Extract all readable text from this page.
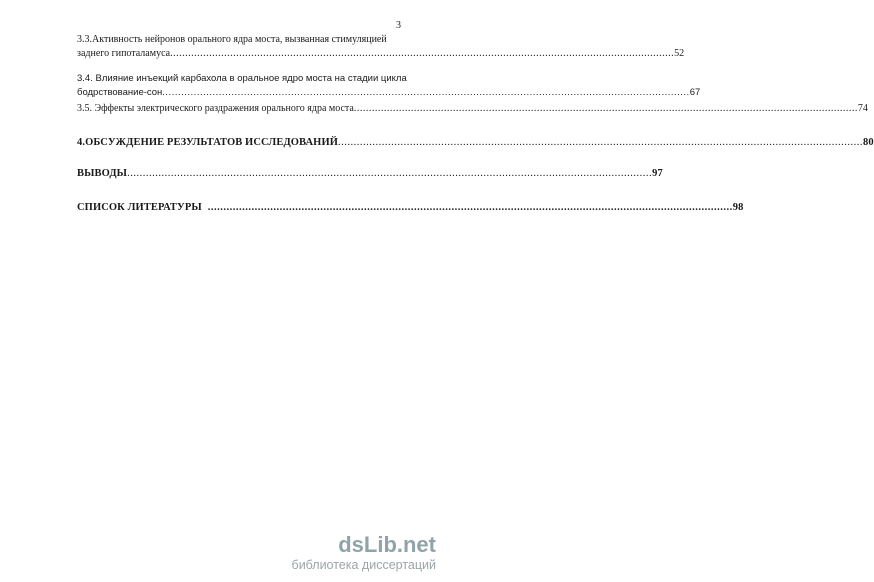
3
3.3.Активность нейронов орального ядра моста, вызванная стимуляцией
заднего гипоталамуса ........................................................................................................................................................................ 52
3.4. Влияние инъекций карбахола в оральное ядро моста на стадии цикла
бодрствование-сон ........................................................................................................................................................................ 67
3.5. Эффекты электрического раздражения орального ядра моста ........................................................................................................................................................................ 74
4.ОБСУЖДЕНИЕ РЕЗУЛЬТАТОВ ИССЛЕДОВАНИЙ ........................................................................................................................................................................ 80
ВЫВОДЫ ........................................................................................................................................................................ 97
СПИСОК ЛИТЕРАТУРЫ ........................................................................................................................................................................ 98
dsLib.net
библиотека диссертаций
